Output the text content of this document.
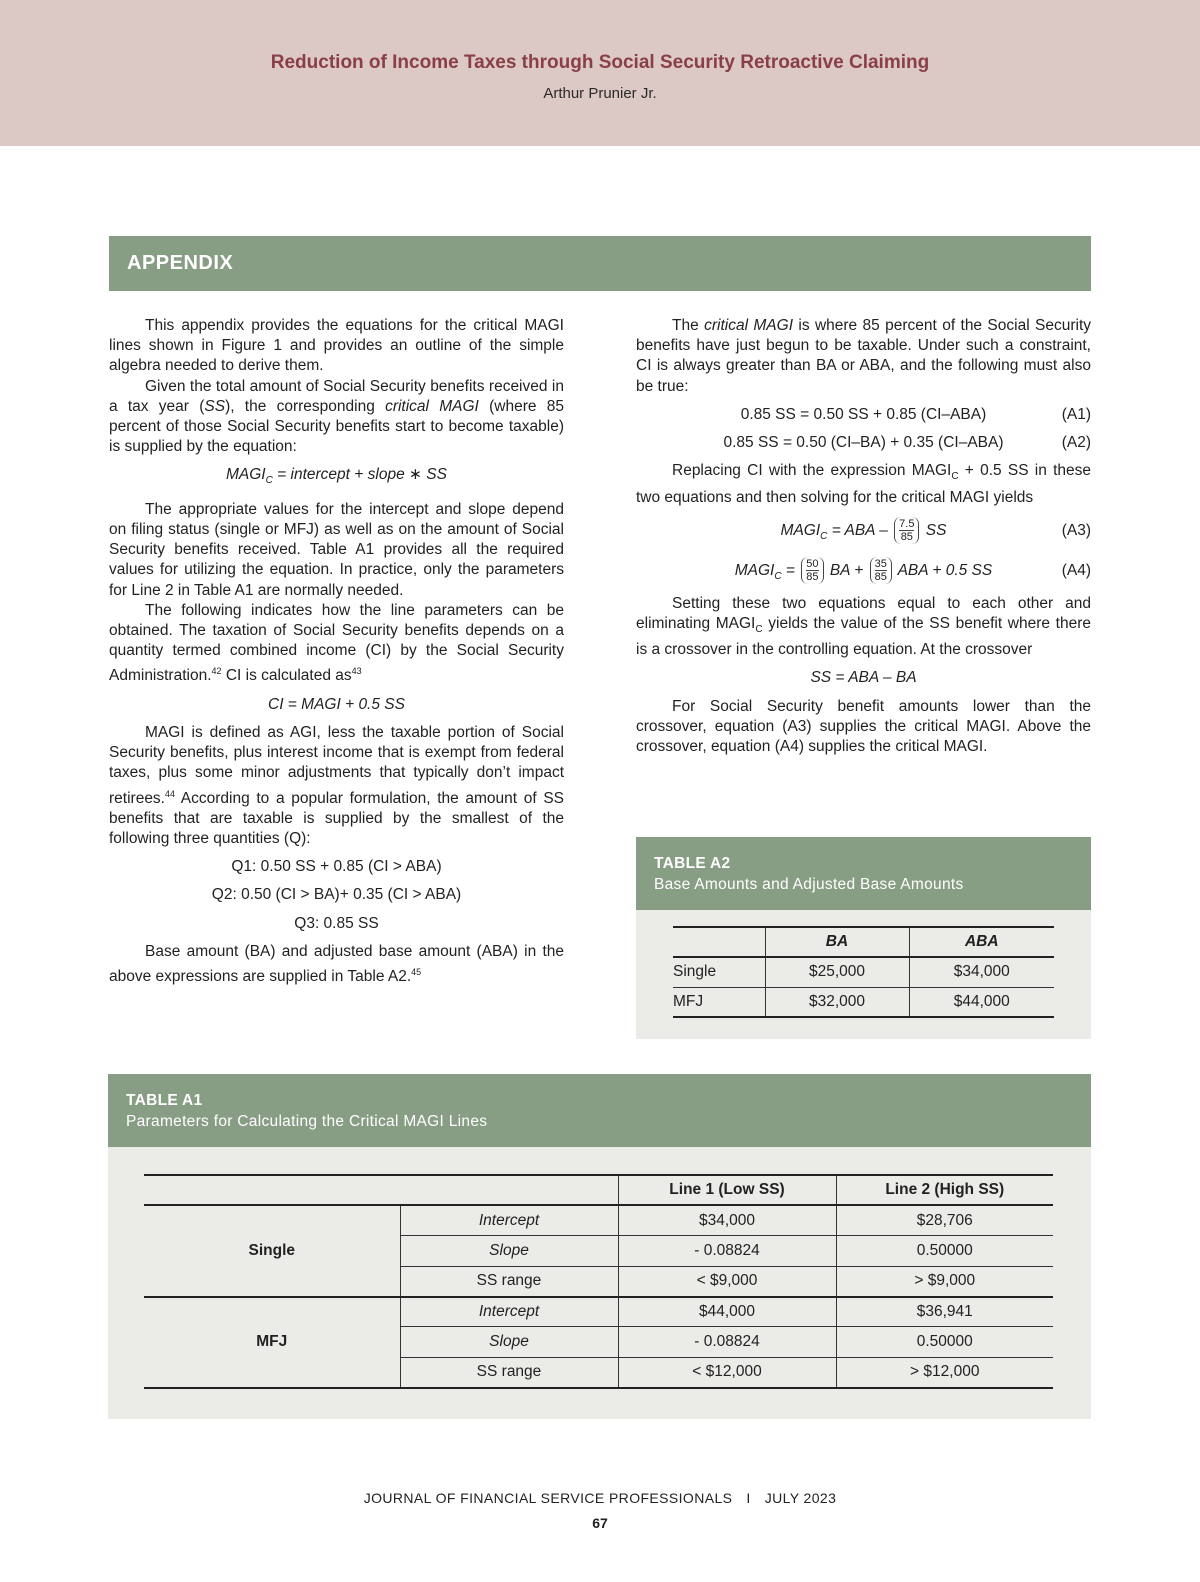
Reduction of Income Taxes through Social Security Retroactive Claiming
Arthur Prunier Jr.
APPENDIX

This appendix provides the equations for the critical MAGI lines shown in Figure 1 and provides an outline of the simple algebra needed to derive them.

Given the total amount of Social Security benefits received in a tax year (SS), the corresponding critical MAGI (where 85 percent of those Social Security benefits start to become taxable) is supplied by the equation:

$MAGI_C$ = intercept + slope ∗ SS

The appropriate values for the intercept and slope depend on filing status (single or MFJ) as well as on the amount of Social Security benefits received. Table A1 provides all the required values for utilizing the equation. In practice, only the parameters for Line 2 in Table A1 are normally needed.

The following indicates how the line parameters can be obtained. The taxation of Social Security benefits depends on a quantity termed combined income (CI) by the Social Security Administration.$^{42}$ CI is calculated $as^{43}$

CI = MAGI + 0.5 SS

MAGI is defined as AGI, less the taxable portion of Social Security benefits, plus interest income that is exempt from federal taxes, plus some minor adjustments that typically don’t impact retirees.$^{44}$ According to a popular formulation, the amount of SS benefits that are taxable is supplied by the smallest of the following three quantities (Q):

Q1: 0.50 SS + 0.85 (CI > ABA)
Q2: 0.50 (CI > BA)+ 0.35 (CI > ABA)
Q3: 0.85 SS

Base amount (BA) and adjusted base amount (ABA) in the above expressions are supplied in Table A2.45

The critical MAGI is where 85 percent of the Social Security benefits have just begun to be taxable. Under such a constraint, CI is always greater than BA or ABA, and the following must also be true:

0.85 SS = 0.50 SS + 0.85 (CI–ABA)	(A1)
0.85 SS = 0.50 (CI–BA) + 0.35 (CI–ABA)	(A2)

Replacing CI with the expression $MAGI_C + 0.5$ SS in these two equations and then solving for the critical MAGI yields

$MAGI_C$ = ABA – $\frac{7.5}{85}$ SS	(A3)
$MAGI_C = \frac{50}{85}$ BA + $\frac{35}{85}$ ABA + 0.5 SS	(A4)

Setting these two equations equal to each other and eliminating $MAGI_C$ yields the value of the SS benefit where there is a crossover in the controlling equation. At the crossover

SS = ABA – BA

For Social Security benefit amounts lower than the crossover, equation (A3) supplies the critical MAGI. Above the crossover, equation (A4) supplies the critical MAGI.

TABLE A2
Base Amounts and Adjusted Base Amounts
	BA	ABA
Single	$25,000	$34,000
MFJ	$32,000	$44,000
TABLE A1
Parameters for Calculating the Critical MAGI Lines
		Line 1 (Low SS)	Line 2 (High SS)
Single	Intercept	$34,000	$28,706
	Slope	- 0.08824	0.50000
	SS range	< $9,000	> $9,000
MFJ	Intercept	$44,000	$36,941
	Slope	- 0.08824	0.50000
	SS range	< $12,000	> $12,000
JOURNAL OF FINANCIAL SERVICE PROFESSIONALS I JULY 2023
67
